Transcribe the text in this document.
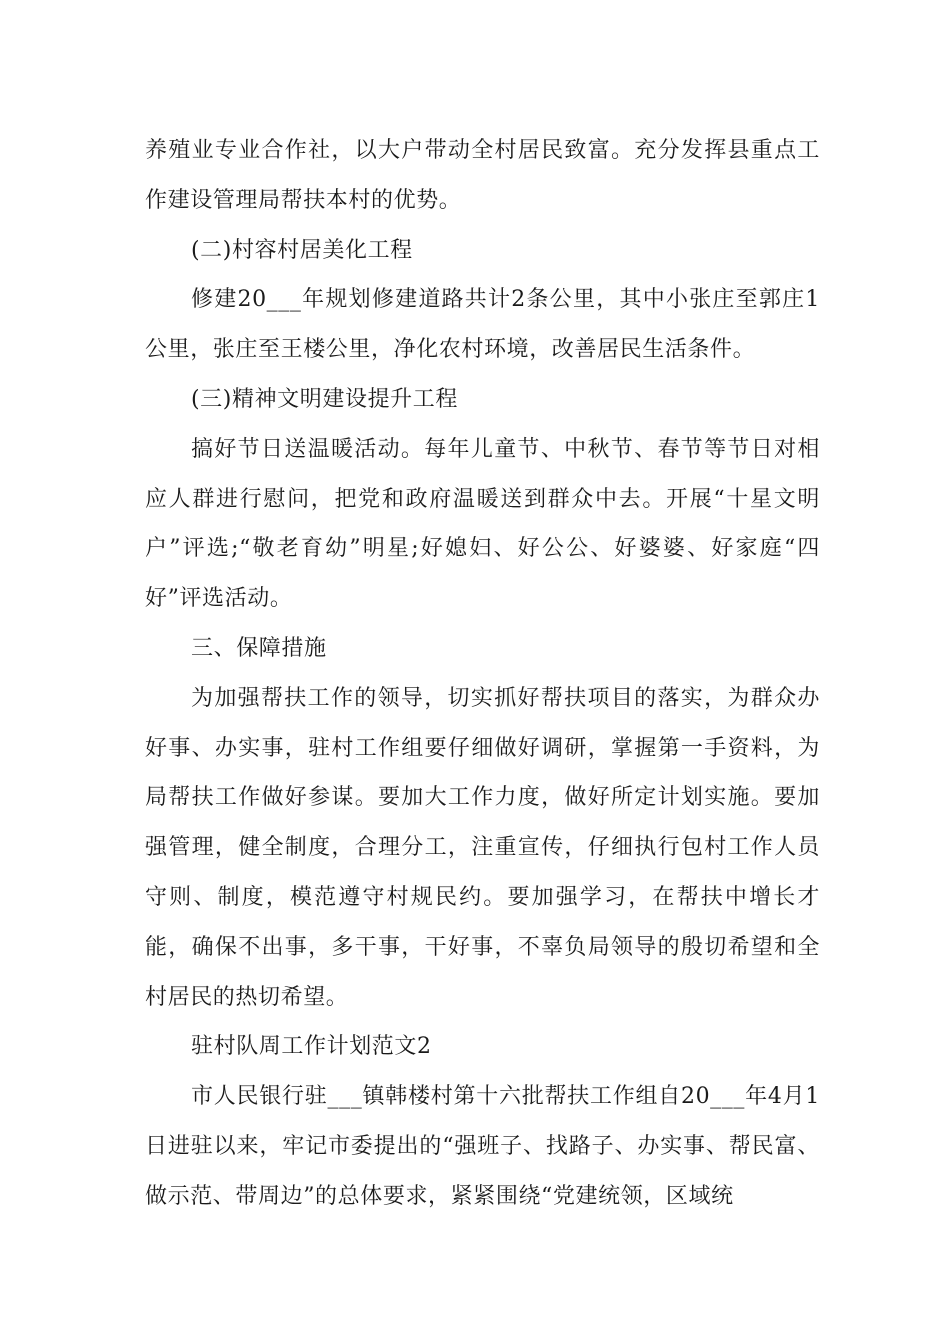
养殖业专业合作社，以大户带动全村居民致富。充分发挥县重点工作建设管理局帮扶本村的优势。

(二)村容村居美化工程

修建20___年规划修建道路共计2条公里，其中小张庄至郭庄1公里，张庄至王楼公里，净化农村环境，改善居民生活条件。

(三)精神文明建设提升工程

搞好节日送温暖活动。每年儿童节、中秋节、春节等节日对相应人群进行慰问，把党和政府温暖送到群众中去。开展“十星文明户”评选;“敬老育幼”明星;好媳妇、好公公、好婆婆、好家庭“四好”评选活动。

三、保障措施

为加强帮扶工作的领导，切实抓好帮扶项目的落实，为群众办好事、办实事，驻村工作组要仔细做好调研，掌握第一手资料，为局帮扶工作做好参谋。要加大工作力度，做好所定计划实施。要加强管理，健全制度，合理分工，注重宣传，仔细执行包村工作人员守则、制度，模范遵守村规民约。要加强学习，在帮扶中增长才能，确保不出事，多干事，干好事，不辜负局领导的殷切希望和全村居民的热切希望。

驻村队周工作计划范文2

市人民银行驻___镇韩楼村第十六批帮扶工作组自20___年4月1日进驻以来，牢记市委提出的“强班子、找路子、办实事、帮民富、做示范、带周边”的总体要求，紧紧围绕“党建统领，区域统
